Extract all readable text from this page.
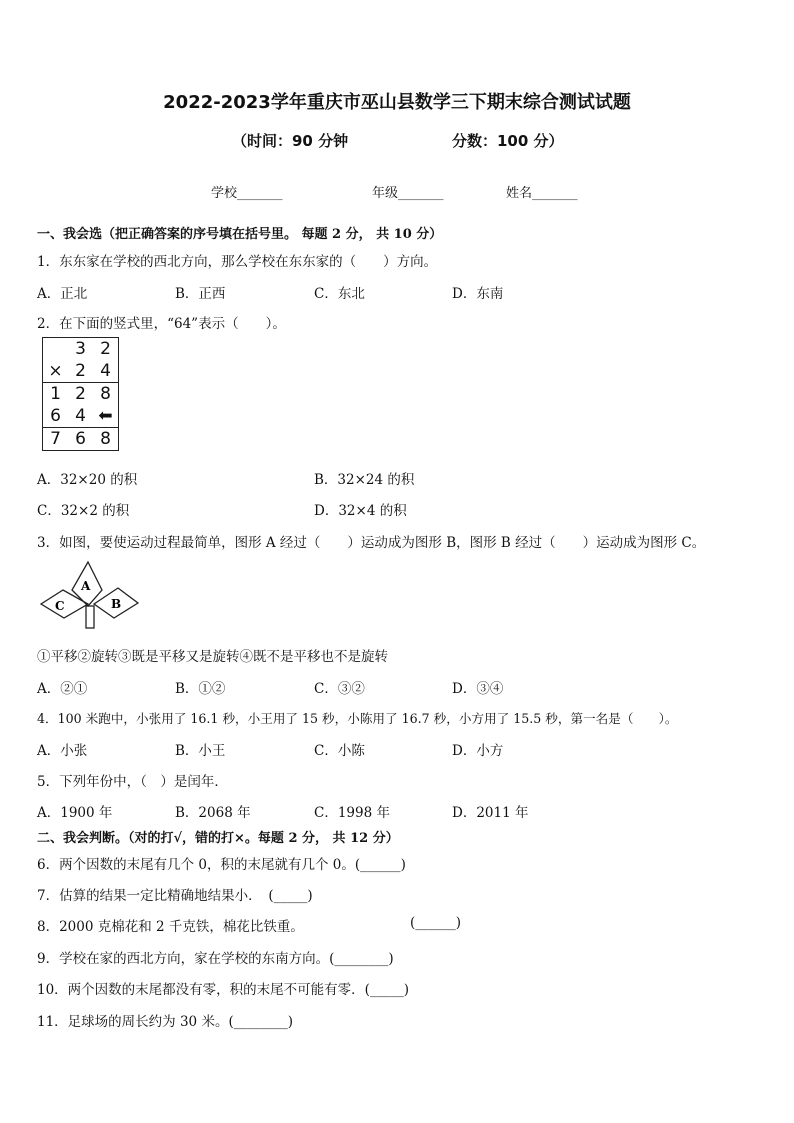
2022-2023学年重庆市巫山县数学三下期末综合测试试题
（时间：90 分钟	分数：100 分）
学校_______	年级_______	姓名_______
一、我会选（把正确答案的序号填在括号里。 每题 2 分， 共 10 分）
1．东东家在学校的西北方向，那么学校在东东家的（　　）方向。
A．正北	B．正西	C．东北	D．东南
2．在下面的竖式里，“64”表示（　　）。
	3	2
×	2	4
1	2	8
6	4	⬅
7	6	8
A．32×20 的积	B．32×24 的积
C．32×2 的积	D．32×4 的积
3．如图，要使运动过程最简单，图形 A 经过（　　）运动成为图形 B，图形 B 经过（　　）运动成为图形 C。
A
B
C
①平移②旋转③既是平移又是旋转④既不是平移也不是旋转
A．②①	B．①②	C．③②	D．③④
4．100 米跑中，小张用了 16.1 秒，小王用了 15 秒，小陈用了 16.7 秒，小方用了 15.5 秒，第一名是（　　）。
A．小张	B．小王	C．小陈	D．小方
5．下列年份中，（　）是闰年．
A．1900 年	B．2068 年	C．1998 年	D．2011 年
二、我会判断。（对的打√，错的打×。每题 2 分， 共 12 分）
6．两个因数的末尾有几个 0，积的末尾就有几个 0。(______)
7．估算的结果一定比精确地结果小．　(_____)
8．2000 克棉花和 2 千克铁，棉花比铁重。	(______)
9．学校在家的西北方向，家在学校的东南方向。(________)
10．两个因数的末尾都没有零，积的末尾不可能有零．(_____)
11．足球场的周长约为 30 米。(________)
